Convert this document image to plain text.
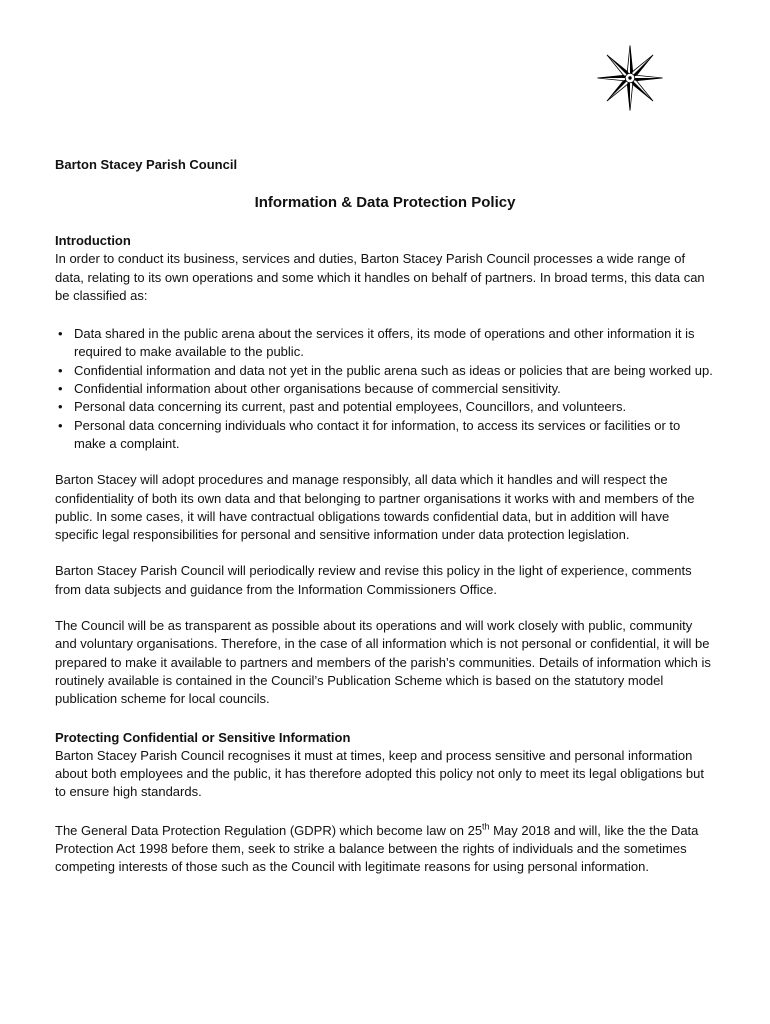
Barton Stacey Parish Council

Information & Data Protection Policy

Introduction

In order to conduct its business, services and duties, Barton Stacey Parish Council processes a wide range of data, relating to its own operations and some which it handles on behalf of partners. In broad terms, this data can be classified as:

• Data shared in the public arena about the services it offers, its mode of operations and other information it is required to make available to the public.
• Confidential information and data not yet in the public arena such as ideas or policies that are being worked up.
• Confidential information about other organisations because of commercial sensitivity.
• Personal data concerning its current, past and potential employees, Councillors, and volunteers.
• Personal data concerning individuals who contact it for information, to access its services or facilities or to make a complaint.

Barton Stacey will adopt procedures and manage responsibly, all data which it handles and will respect the confidentiality of both its own data and that belonging to partner organisations it works with and members of the public. In some cases, it will have contractual obligations towards confidential data, but in addition will have specific legal responsibilities for personal and sensitive information under data protection legislation.

Barton Stacey Parish Council will periodically review and revise this policy in the light of experience, comments from data subjects and guidance from the Information Commissioners Office.

The Council will be as transparent as possible about its operations and will work closely with public, community and voluntary organisations. Therefore, in the case of all information which is not personal or confidential, it will be prepared to make it available to partners and members of the parish’s communities. Details of information which is routinely available is contained in the Council’s Publication Scheme which is based on the statutory model publication scheme for local councils.

Protecting Confidential or Sensitive Information

Barton Stacey Parish Council recognises it must at times, keep and process sensitive and personal information about both employees and the public, it has therefore adopted this policy not only to meet its legal obligations but to ensure high standards.

The General Data Protection Regulation (GDPR) which become law on 25th May 2018 and will, like the the Data Protection Act 1998 before them, seek to strike a balance between the rights of individuals and the sometimes competing interests of those such as the Council with legitimate reasons for using personal information.
